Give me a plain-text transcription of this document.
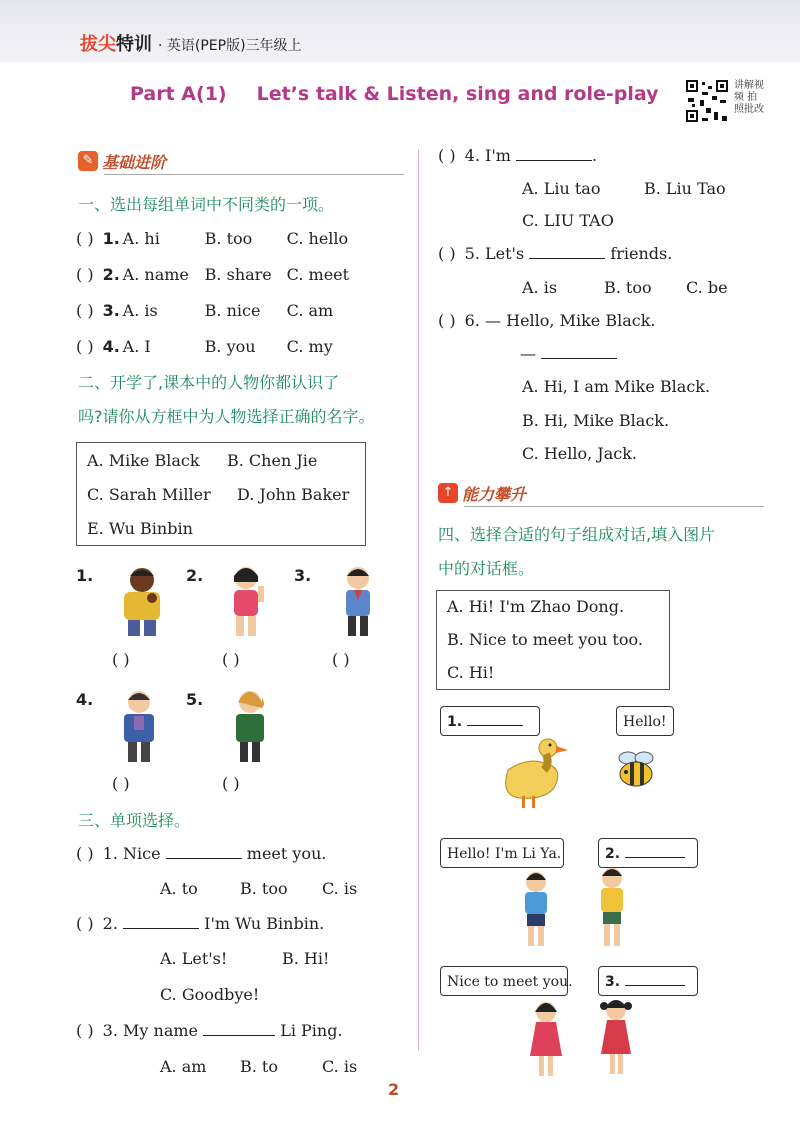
拔尖特训 · 英语(PEP版)三年级上
Part A(1) Let’s talk & Listen, sing and role-play	讲解视频 拍照批改
✎ 基础进阶
一、选出每组单词中不同类的一项。
( ) 1. A. hi	B. too C. hello
( ) 2. A. name B. share C. meet
( ) 3. A. is	B. nice C. am
( ) 4. A. I	B. you C. my
二、开学了,课本中的人物你都认识了
吗?请你从方框中为人物选择正确的名字。
A. Mike Black B. Chen Jie
C. Sarah Miller D. John Baker
E. Wu Binbin
1.
( )
2.
( )
3.
( )
4.
( )
5.
( )
三、单项选择。
( ) 1. Nice	meet you.
A. to	B. too C. is
( ) 2.	I'm Wu Binbin.
A. Let's!	B. Hi!
C. Goodbye!
( ) 3. My name	Li Ping.
A. am B. to	C. is
( ) 4. I'm	.
A. Liu tao	B. Liu Tao
C. LIU TAO
( ) 5. Let's	friends.
A. is	B. too C. be
( ) 6. — Hello, Mike Black.
—
A. Hi, I am Mike Black.
B. Hi, Mike Black.
C. Hello, Jack.
↑ 能力攀升
四、选择合适的句子组成对话,填入图片
中的对话框。
A. Hi! I'm Zhao Dong.
B. Nice to meet you too.
C. Hi!
1.	Hello!
Hello! I'm Li Ya.	2.
Nice to meet you.	3.
2
